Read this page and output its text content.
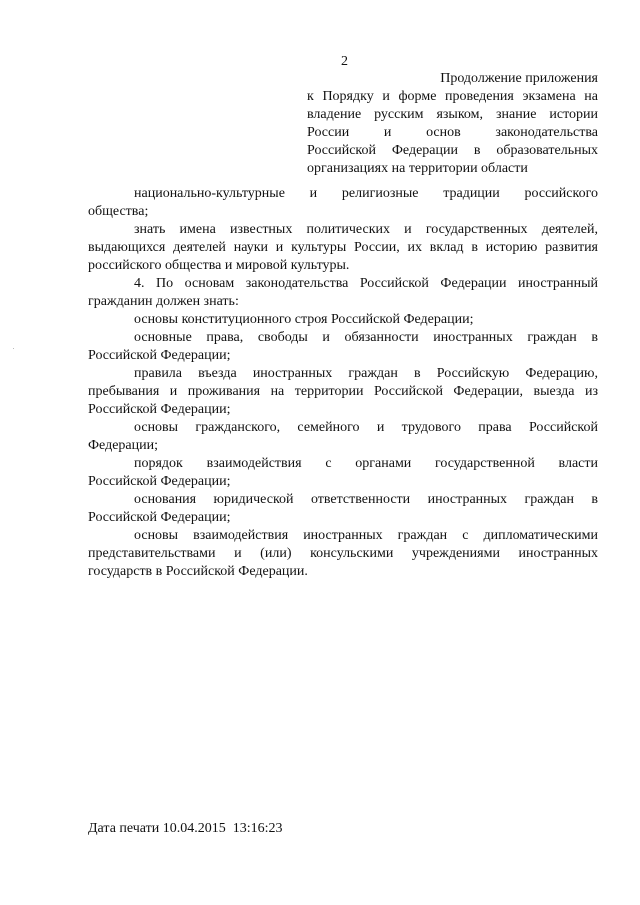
2
Продолжение приложения
к Порядку и форме проведения экзамена на
владение русским языком, знание истории
России и основ законодательства
Российской Федерации в образовательных
организациях на территории области

национально-культурные и религиозные традиции российского
общества;

знать имена известных политических и государственных деятелей,
выдающихся деятелей науки и культуры России, их вклад в историю развития
российского общества и мировой культуры.

4. По основам законодательства Российской Федерации иностранный
гражданин должен знать:

основы конституционного строя Российской Федерации;

основные права, свободы и обязанности иностранных граждан в
Российской Федерации;

правила въезда иностранных граждан в Российскую Федерацию,
пребывания и проживания на территории Российской Федерации, выезда из
Российской Федерации;

основы гражданского, семейного и трудового права Российской
Федерации;

порядок взаимодействия с органами государственной власти
Российской Федерации;

основания юридической ответственности иностранных граждан в
Российской Федерации;

основы взаимодействия иностранных граждан с дипломатическими
представительствами и (или) консульскими учреждениями иностранных
государств в Российской Федерации.

Дата печати 10.04.2015  13:16:23
